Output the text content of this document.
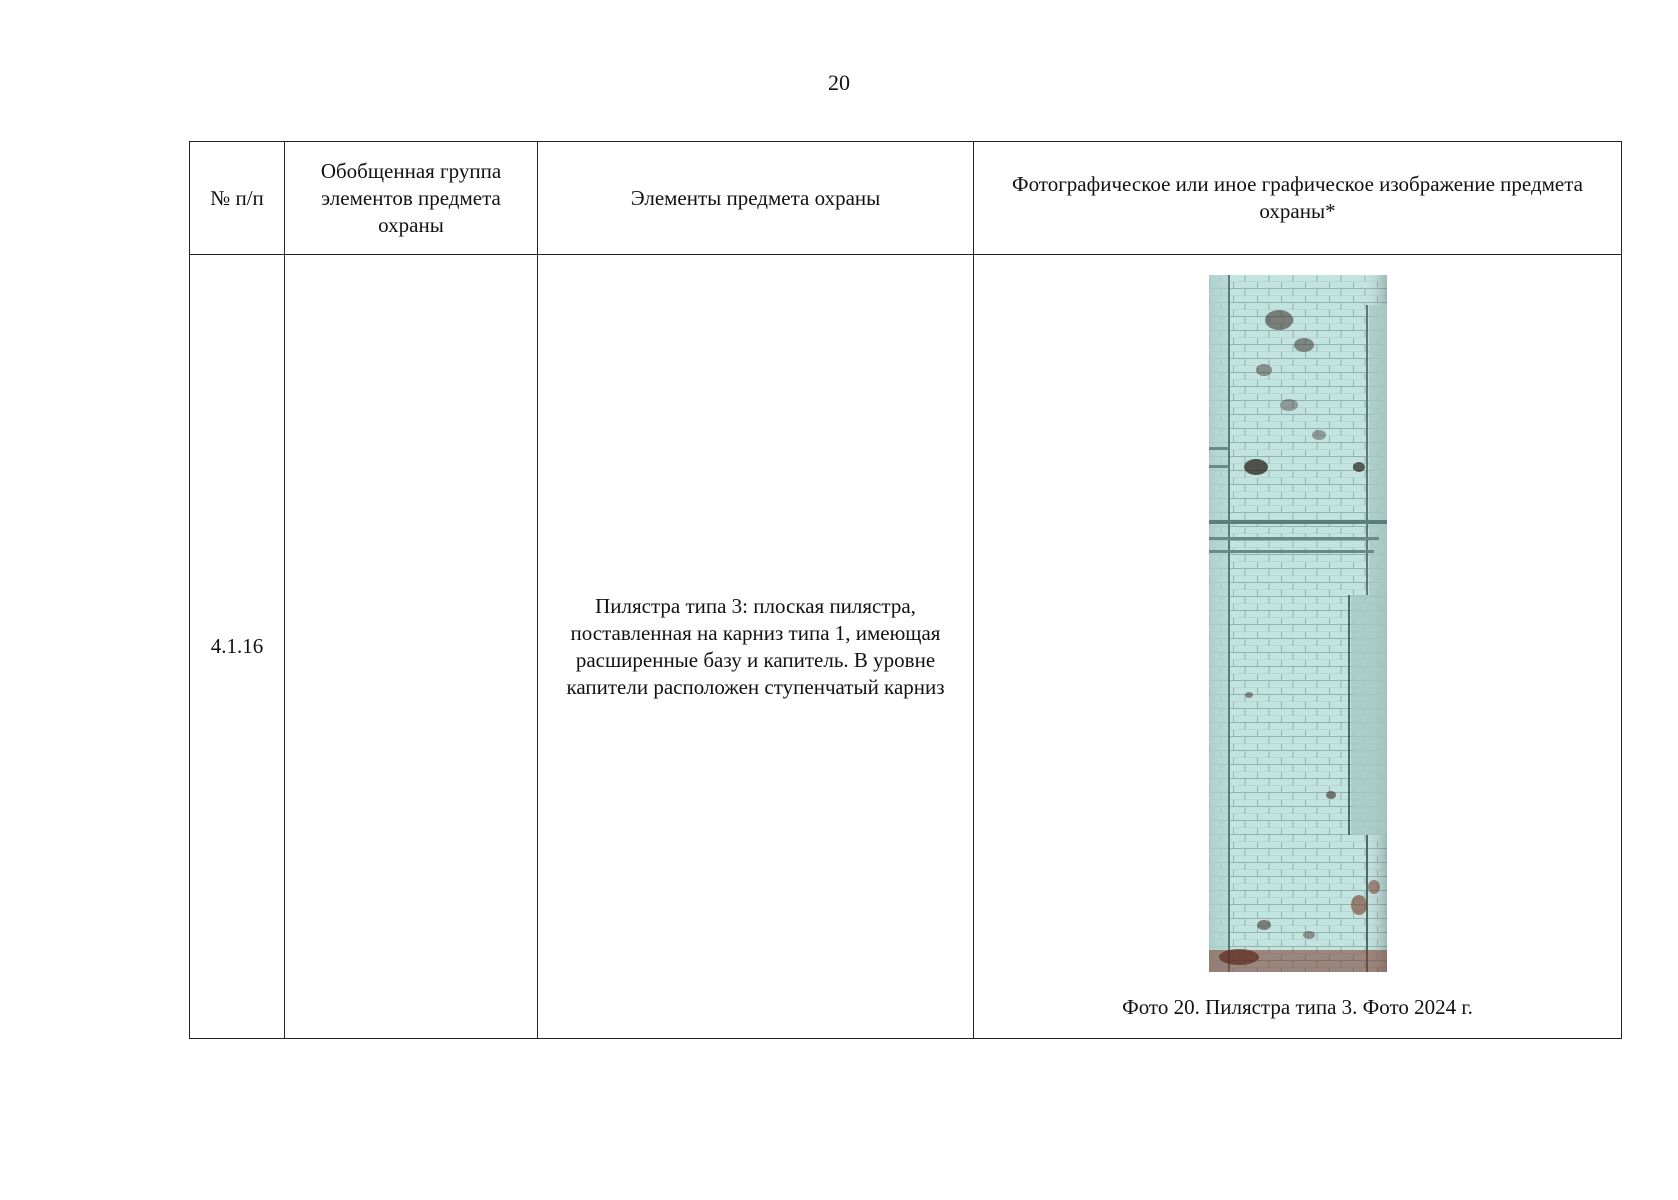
20
№ п/п	Обобщенная группа элементов предмета охраны	Элементы предмета охраны	Фотографическое или иное графическое изображение предмета охраны*
4.1.16		Пилястра типа 3: плоская пилястра, поставленная на карниз типа 1, имеющая расширенные базу и капитель. В уровне капители расположен ступенчатый карниз	Фото 20. Пилястра типа 3. Фото 2024 г.
